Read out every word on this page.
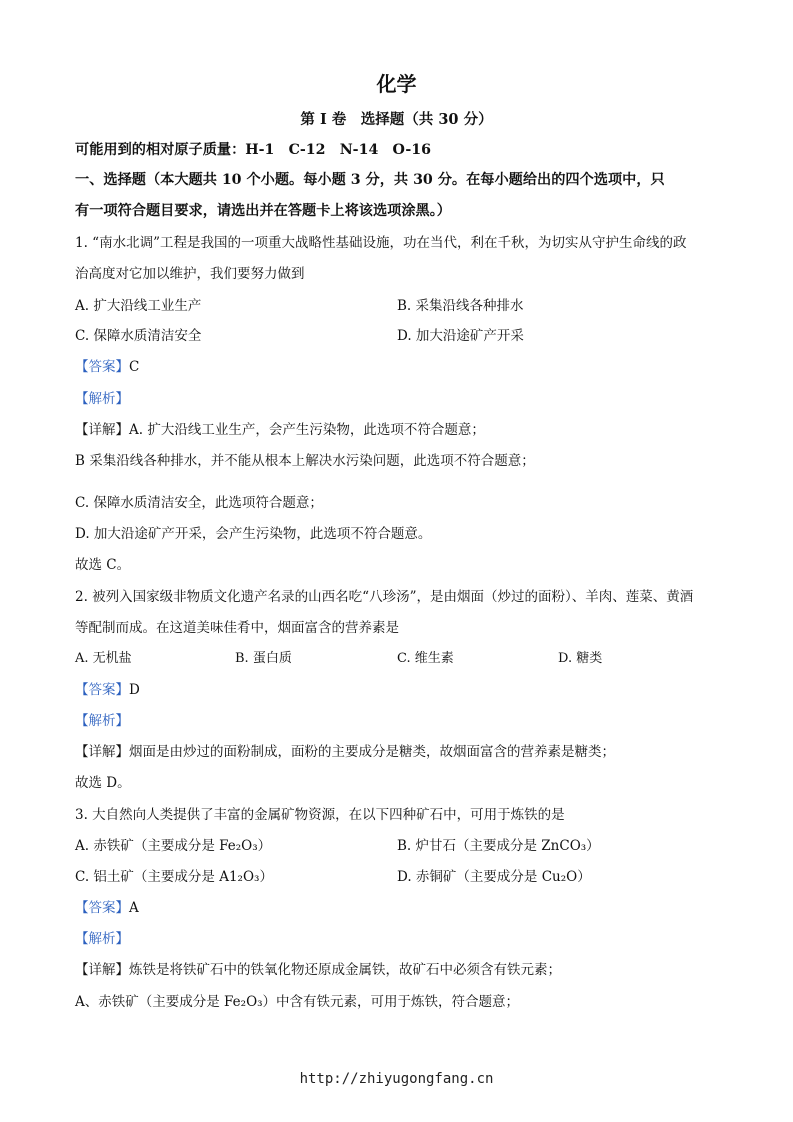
化学
第 I 卷　选择题（共 30 分）
可能用到的相对原子质量：H-1　C-12　N-14　O-16
一、选择题（本大题共 10 个小题。每小题 3 分，共 30 分。在每小题给出的四个选项中，只
有一项符合题目要求，请选出并在答题卡上将该选项涂黑。）
1. “南水北调”工程是我国的一项重大战略性基础设施，功在当代，利在千秋，为切实从守护生命线的政
治高度对它加以维护，我们要努力做到
A. 扩大沿线工业生产	B. 采集沿线各种排水
C. 保障水质清洁安全	D. 加大沿途矿产开采
【答案】C
【解析】
【详解】A. 扩大沿线工业生产，会产生污染物，此选项不符合题意；
B 采集沿线各种排水，并不能从根本上解决水污染问题，此选项不符合题意；
C. 保障水质清洁安全，此选项符合题意；
D. 加大沿途矿产开采，会产生污染物，此选项不符合题意。
故选 C。
2. 被列入国家级非物质文化遗产名录的山西名吃“八珍汤”，是由烟面（炒过的面粉）、羊肉、莲菜、黄酒
等配制而成。在这道美味佳肴中，烟面富含的营养素是
A. 无机盐	B. 蛋白质	C. 维生素	D. 糖类
【答案】D
【解析】
【详解】烟面是由炒过的面粉制成，面粉的主要成分是糖类，故烟面富含的营养素是糖类；
故选 D。
3. 大自然向人类提供了丰富的金属矿物资源，在以下四种矿石中，可用于炼铁的是
A. 赤铁矿（主要成分是 Fe₂O₃）	B. 炉甘石（主要成分是 ZnCO₃）
C. 铝土矿（主要成分是 A1₂O₃）	D. 赤铜矿（主要成分是 Cu₂O）
【答案】A
【解析】
【详解】炼铁是将铁矿石中的铁氧化物还原成金属铁，故矿石中必须含有铁元素；
A、赤铁矿（主要成分是 Fe₂O₃）中含有铁元素，可用于炼铁，符合题意；
http://zhiyugongfang.cn
